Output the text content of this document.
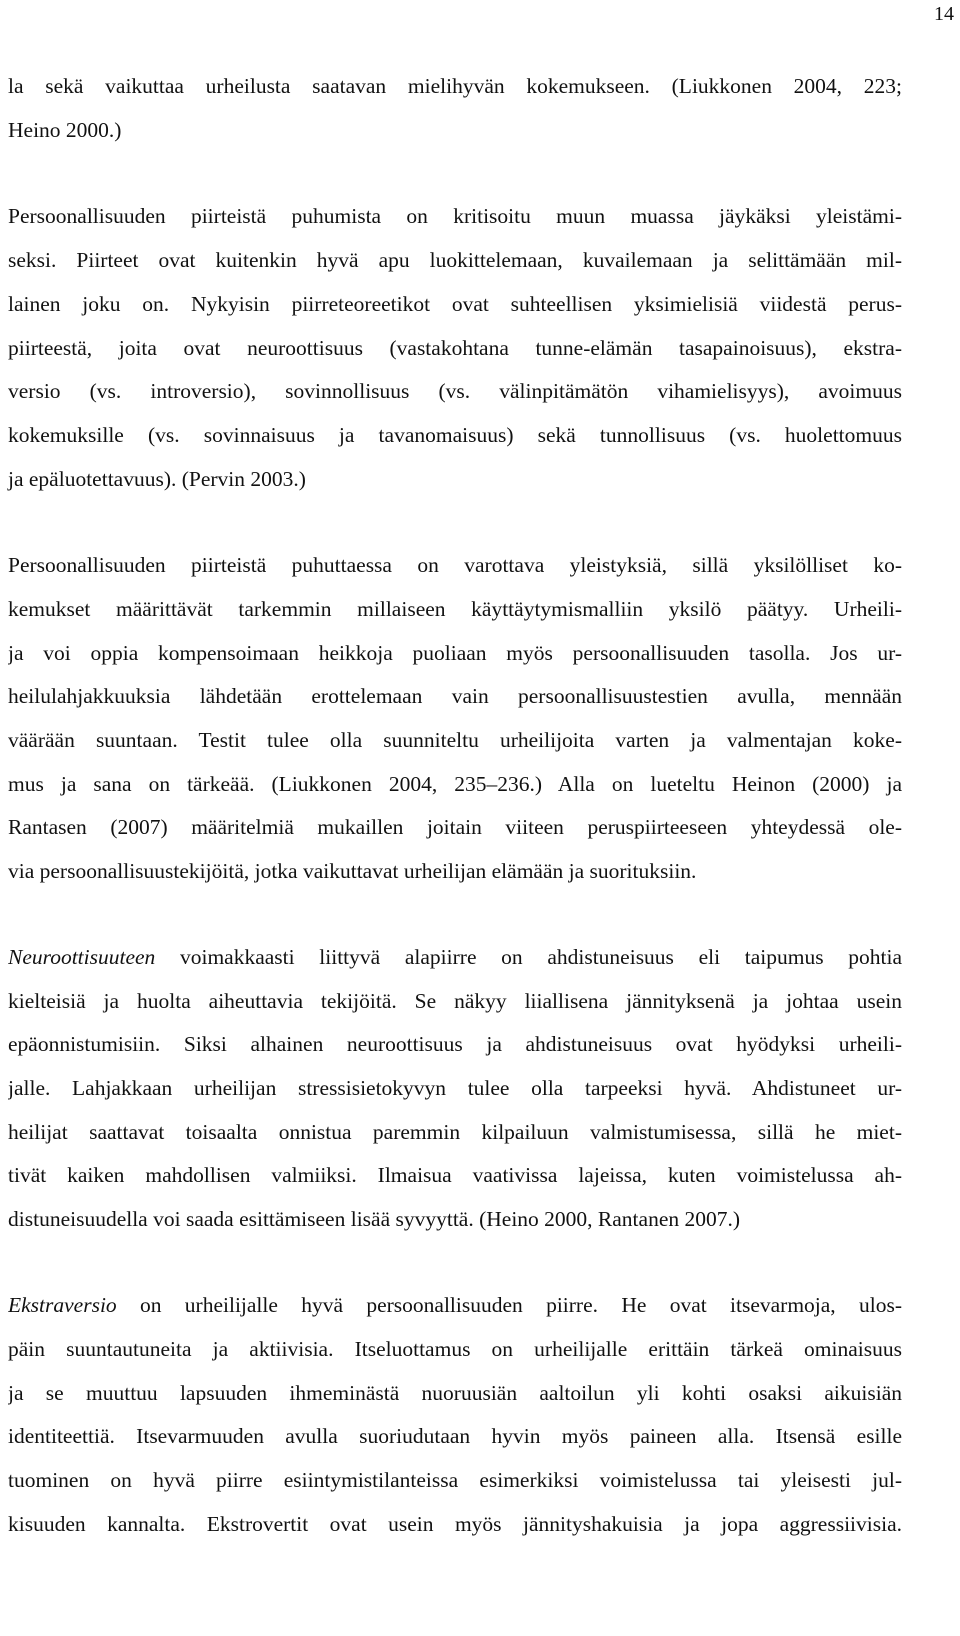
14
la sekä vaikuttaa urheilusta saatavan mielihyvän kokemukseen. (Liukkonen 2004, 223;
Heino 2000.)
Persoonallisuuden piirteistä puhumista on kritisoitu muun muassa jäykäksi yleistämi-
seksi. Piirteet ovat kuitenkin hyvä apu luokittelemaan, kuvailemaan ja selittämään mil-
lainen joku on. Nykyisin piirreteoreetikot ovat suhteellisen yksimielisiä viidestä perus-
piirteestä, joita ovat neuroottisuus (vastakohtana tunne-elämän tasapainoisuus), ekstra-
versio (vs. introversio), sovinnollisuus (vs. välinpitämätön vihamielisyys), avoimuus
kokemuksille (vs. sovinnaisuus ja tavanomaisuus) sekä tunnollisuus (vs. huolettomuus
ja epäluotettavuus). (Pervin 2003.)
Persoonallisuuden piirteistä puhuttaessa on varottava yleistyksiä, sillä yksilölliset ko-
kemukset määrittävät tarkemmin millaiseen käyttäytymismalliin yksilö päätyy. Urheili-
ja voi oppia kompensoimaan heikkoja puoliaan myös persoonallisuuden tasolla. Jos ur-
heilulahjakkuuksia lähdetään erottelemaan vain persoonallisuustestien avulla, mennään
väärään suuntaan. Testit tulee olla suunniteltu urheilijoita varten ja valmentajan koke-
mus ja sana on tärkeää. (Liukkonen 2004, 235–236.) Alla on lueteltu Heinon (2000) ja
Rantasen (2007) määritelmiä mukaillen joitain viiteen peruspiirteeseen yhteydessä ole-
via persoonallisuustekijöitä, jotka vaikuttavat urheilijan elämään ja suorituksiin.
Neuroottisuuteen voimakkaasti liittyvä alapiirre on ahdistuneisuus eli taipumus pohtia
kielteisiä ja huolta aiheuttavia tekijöitä. Se näkyy liiallisena jännityksenä ja johtaa usein
epäonnistumisiin. Siksi alhainen neuroottisuus ja ahdistuneisuus ovat hyödyksi urheili-
jalle. Lahjakkaan urheilijan stressisietokyvyn tulee olla tarpeeksi hyvä. Ahdistuneet ur-
heilijat saattavat toisaalta onnistua paremmin kilpailuun valmistumisessa, sillä he miet-
tivät kaiken mahdollisen valmiiksi. Ilmaisua vaativissa lajeissa, kuten voimistelussa ah-
distuneisuudella voi saada esittämiseen lisää syvyyttä. (Heino 2000, Rantanen 2007.)
Ekstraversio on urheilijalle hyvä persoonallisuuden piirre. He ovat itsevarmoja, ulos-
päin suuntautuneita ja aktiivisia. Itseluottamus on urheilijalle erittäin tärkeä ominaisuus
ja se muuttuu lapsuuden ihmeminästä nuoruusiän aaltoilun yli kohti osaksi aikuisiän
identiteettiä. Itsevarmuuden avulla suoriudutaan hyvin myös paineen alla. Itsensä esille
tuominen on hyvä piirre esiintymistilanteissa esimerkiksi voimistelussa tai yleisesti jul-
kisuuden kannalta. Ekstrovertit ovat usein myös jännityshakuisia ja jopa aggressiivisia.
